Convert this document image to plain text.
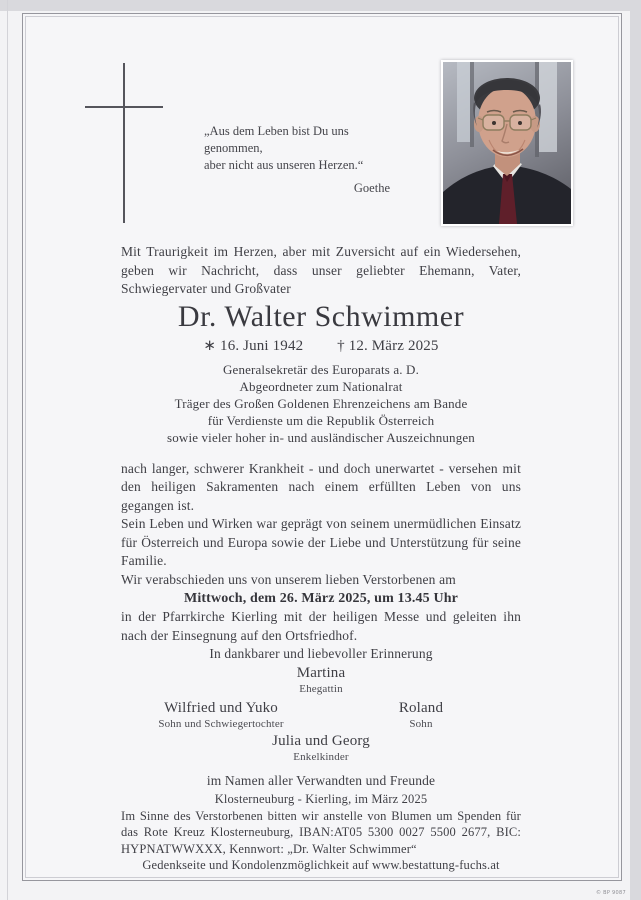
„Aus dem Leben bist Du uns genommen,
aber nicht aus unseren Herzen.“
Goethe

Mit Traurigkeit im Herzen, aber mit Zuversicht auf ein Wiedersehen, geben wir Nachricht, dass unser geliebter Ehemann, Vater, Schwiegervater und Großvater

Dr. Walter Schwimmer
∗ 16. Juni 1942 † 12. März 2025
Generalsekretär des Europarats a. D.
Abgeordneter zum Nationalrat
Träger des Großen Goldenen Ehrenzeichens am Bande
für Verdienste um die Republik Österreich
sowie vieler hoher in- und ausländischer Auszeichnungen

nach langer, schwerer Krankheit - und doch unerwartet - versehen mit den heiligen Sakramenten nach einem erfüllten Leben von uns gegangen ist.

Sein Leben und Wirken war geprägt von seinem unermüdlichen Einsatz für Österreich und Europa sowie der Liebe und Unterstützung für seine Familie.

Wir verabschieden uns von unserem lieben Verstorbenen am

Mittwoch, dem 26. März 2025, um 13.45 Uhr

in der Pfarrkirche Kierling mit der heiligen Messe und geleiten ihn nach der Einsegnung auf den Ortsfriedhof.

In dankbarer und liebevoller Erinnerung

Martina
Ehegattin
Wilfried und Yuko
Sohn und Schwiegertochter
Roland
Sohn
Julia und Georg
Enkelkinder

im Namen aller Verwandten und Freunde

Klosterneuburg - Kierling, im März 2025

Im Sinne des Verstorbenen bitten wir anstelle von Blumen um Spenden für das Rote Kreuz Klosterneuburg, IBAN:AT05 5300 0027 5500 2677, BIC: HYPNATWWXXX, Kennwort: „Dr. Walter Schwimmer“

Gedenkseite und Kondolenzmöglichkeit auf www.bestattung-fuchs.at

© BP 9087
